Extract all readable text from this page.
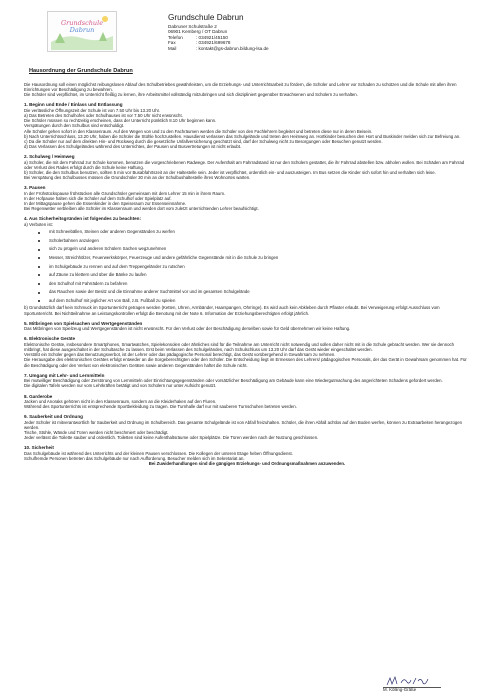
Grundschule
Dabrun
Grundschule Dabrun
Dabruner Schulstraße 2
06901 Kemberg / OT Dabrun
Telefon	: 034921/45150
Fax	: 034921/699678
Mail	: kontakt@gs-dabrun.bildung-lsa.de
Hausordnung der Grundschule Dabrun

Die Hausordnung soll einen möglichst reibungslosen Ablauf des Schulbetriebes gewährleisten, um die Erziehungs- und Unterrichtsarbeit zu fördern, die Schüler und Lehrer vor Schaden zu schützen und die Schule mit allen ihren Einrichtungen vor Beschädigung zu bewahren.

Die Schüler sind verpflichtet, im Unterricht fleißig zu lernen, ihre Arbeitsmittel vollständig mitzubringen und sich diszipliniert gegenüber Erwachsenen und Schülern zu verhalten.

1. Beginn und Ende / Einlass und Entlassung

Die verlässliche Öffnungszeit der Schule ist von 7.50 Uhr bis 13.20 Uhr.

a) Das Betreten des Schulhofes oder Schulhauses ist vor 7.50 Uhr nicht erwünscht.

Die Schüler müssen so rechtzeitig erscheinen, dass der Unterricht pünktlich 8.10 Uhr beginnen kann.

Verspätungen durch den Schulbus sind entschuldigt.

Alle Schüler gehen sofort in den Klassenraum. Auf den Wegen von und zu den Fachräumen werden die Schüler von den Fachlehrern begleitet und betreten diese nur in deren Beisein.

b) Nach Unterrichtsschluss, 13.20 Uhr, haben die Schüler die Stühle hochzustellen. Hausdienst verlassen das Schulgelände und treten den Heimweg an. Hortkinder besuchen den Hort und Buskinder melden sich zur Befreiung an.

c) Da die Schüler nur auf dem direkten Hin- und Rückweg durch die gesetzliche Unfallversicherung geschützt sind, darf der Schulweg nicht zu Besorgungen oder Besuchen genutzt werden.

d) Das Verlassen des Schulgeländes während des Unterrichtes, der Pausen und Busvertretungen ist nicht erlaubt.

2. Schulweg / Heimweg

a) Schüler, die mit dem Fahrrad zur Schule kommen, benutzen die vorgeschriebenen Radwege. Der Aufenthalt am Fahrradstand ist nur den Schülern gestattet, die ihr Fahrrad abstellen bzw. abholen wollen. Bei Schäden am Fahrrad oder Verlust des Rades erfolgt durch die Schule keine Haftung.

b) Schüler, die den Schulbus benutzen, sollten 5 min vor Busabfahrtszeit an der Haltestelle sein. Jeder ist verpflichtet, ordentlich ein- und auszusteigen. Im Bus setzen die Kinder sich sofort hin und verhalten sich leise.

Bei Verspätung des Schulbusses müssen die Grundschüler 30 min an der Schulbushaltestelle ihres Wohnortes warten.

3. Pausen

In der Frühstückspause frühstücken alle Grundschüler gemeinsam mit dem Lehrer 15 min in ihrem Raum.

In der Hofpause halten sich die Schüler auf dem Schulhof oder Spielplatz auf.

In der Mittagspause gehen die Essenkinder in den Speiseraum zur Essenseinnahme.

Bei Regenwetter verbleiben alle Schüler im Klassenraum und werden dort vom zuletzt unterrichtenden Lehrer beaufsichtigt.

4. Aus Sicherheitsgründen ist folgendes zu beachten:

a) Verboten ist:

mit Schneebällen, Steinen oder anderen Gegenständen zu werfen
Schülerbahnen anzulegen
sich zu prügeln und anderen Schülern Sachen wegzunehmen
Messer, Streichhölzer, Feuerwerkskörper, Feuerzeuge und andere gefährliche Gegenstände mit in die Schule zu bringen
im Schulgebäude zu rennen und auf dem Treppengeländer zu rutschen
auf Zäune zu klettern und über die Bänke zu laufen
den Schulhof mit Fahrrädern zu befahren
das Rauchen sowie der Besitz und die Einnahme anderer Suchtmittel vor und im gesamten Schulgelände
auf dem Schulhof mit jeglicher Art von Ball, z.B. Fußball zu spielen

b) Grundsätzlich darf kein Schmuck im Sportunterricht getragen werden (Ketten, Uhren, Armbänder, Haarspangen, Ohrringe). Es wird auch kein Abkleben durch Pflaster erlaubt. Bei Verweigerung erfolgt Ausschluss vom Sportunterricht. Bei Nichtteilnahme an Leistungskontrollen erfolgt die Benotung mit der Note 6. Information der Erziehungsberechtigten erfolgt jährlich.

5. Mitbringen von Spielsachen und Wertgegenständen

Das Mitbringen von Spielzeug und Wertgegenständen ist nicht erwünscht. Für den Verlust oder der Beschädigung derselben sowie für Geld übernehmen wir keine Haftung.

6. Elektronische Geräte

Elektronische Geräte, insbesondere Smartphones, Smartwatches, Spielekonsolen oder ähnliches sind für die Teilnahme am Unterricht nicht notwendig und sollen daher nicht mit in die Schule gebracht werden. Wer sie dennoch mitbringt, hat diese ausgeschaltet in der Schultasche zu lassen. Erst beim Verlassen des Schulgeländes, nach Schulschluss um 13.20 Uhr darf das Gerät wieder eingeschaltet werden.

Verstößt ein Schüler gegen das Benutzungsverbot, ist der Lehrer oder das pädagogische Personal berechtigt, das Gerät vorübergehend in Gewahrsam zu nehmen.

Die Herausgabe des elektronischen Gerätes erfolgt entweder an die Sorgeberechtigten oder den Schüler. Die Entscheidung liegt im Ermessen des Lehrers/ pädagogischen Personals, der das Gerät in Gewahrsam genommen hat. Für die Beschädigung oder den Verlust von elektronischen Geräten sowie anderen Gegenständen haftet die Schule nicht.

7. Umgang mit Lehr- und Lernmitteln

Bei mutwilliger Beschädigung oder Zerstörung von Lernmitteln oder Einrichtungsgegenständen oder vorsätzlicher Beschädigung am Gebäude kann eine Wiedergutmachung des angerichteten Schadens gefordert werden.

Die digitalen Tafeln werden nur vom Lehrkräften betätigt und von Schülern nur unter Aufsicht genutzt.

8. Garderobe

Jacken und Anoraks gehören nicht in den Klassenraum, sondern an die Kleiderhaken auf den Fluren.

Während des Sportunterrichts ist entsprechende Sportbekleidung zu tragen. Die Turnhalle darf nur mit sauberen Turnschuhen betreten werden.

9. Sauberkeit und Ordnung

Jeder Schüler ist mitverantwortlich für Sauberkeit und Ordnung im Schulbereich. Das gesamte Schulgelände ist von Abfall freizuhalten. Schüler, die ihren Abfall achtlos auf den Boden werfen, können zu Extraarbeiten herangezogen werden.

Tische, Stühle, Wände und Türen werden nicht beschmiert oder beschädigt.

Jeder verlässt die Toilette sauber und ordentlich. Toiletten sind keine Aufenthaltsräume oder Spielplätze. Die Türen werden nach der Nutzung geschlossen.

10. Sicherheit

Das Schulgebäude ist während des Unterrichts und der kleinen Pausen verschlossen. Die Kollegen der unteren Etage heben Öffnungsdienst.

Schulfremde Personen betreten das Schulgebäude nur nach Aufforderung. Besucher melden sich im Sekretariat an.

Bei Zuwiderhandlungen sind die gängigen Erziehungs- und Ordnungsmaßnahmen anzuwenden.

M. Kölling-Gräße
